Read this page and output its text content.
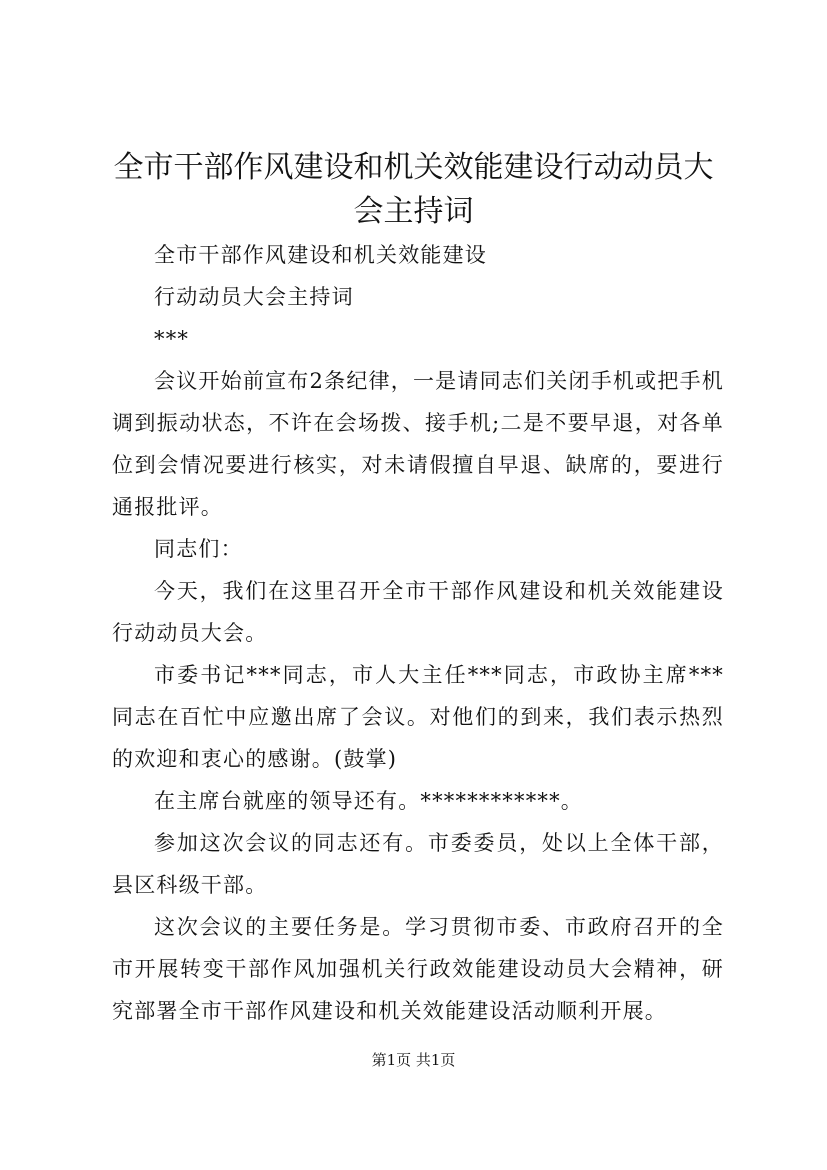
全市干部作风建设和机关效能建设行动动员大会主持词

全市干部作风建设和机关效能建设

行动动员大会主持词

***

会议开始前宣布2条纪律，一是请同志们关闭手机或把手机调到振动状态，不许在会场拨、接手机;二是不要早退，对各单位到会情况要进行核实，对未请假擅自早退、缺席的，要进行通报批评。

同志们：

今天，我们在这里召开全市干部作风建设和机关效能建设行动动员大会。

市委书记***同志，市人大主任***同志，市政协主席***同志在百忙中应邀出席了会议。对他们的到来，我们表示热烈的欢迎和衷心的感谢。(鼓掌)

在主席台就座的领导还有。************。

参加这次会议的同志还有。市委委员，处以上全体干部，县区科级干部。

这次会议的主要任务是。学习贯彻市委、市政府召开的全市开展转变干部作风加强机关行政效能建设动员大会精神，研究部署全市干部作风建设和机关效能建设活动顺利开展。

第1页 共1页
